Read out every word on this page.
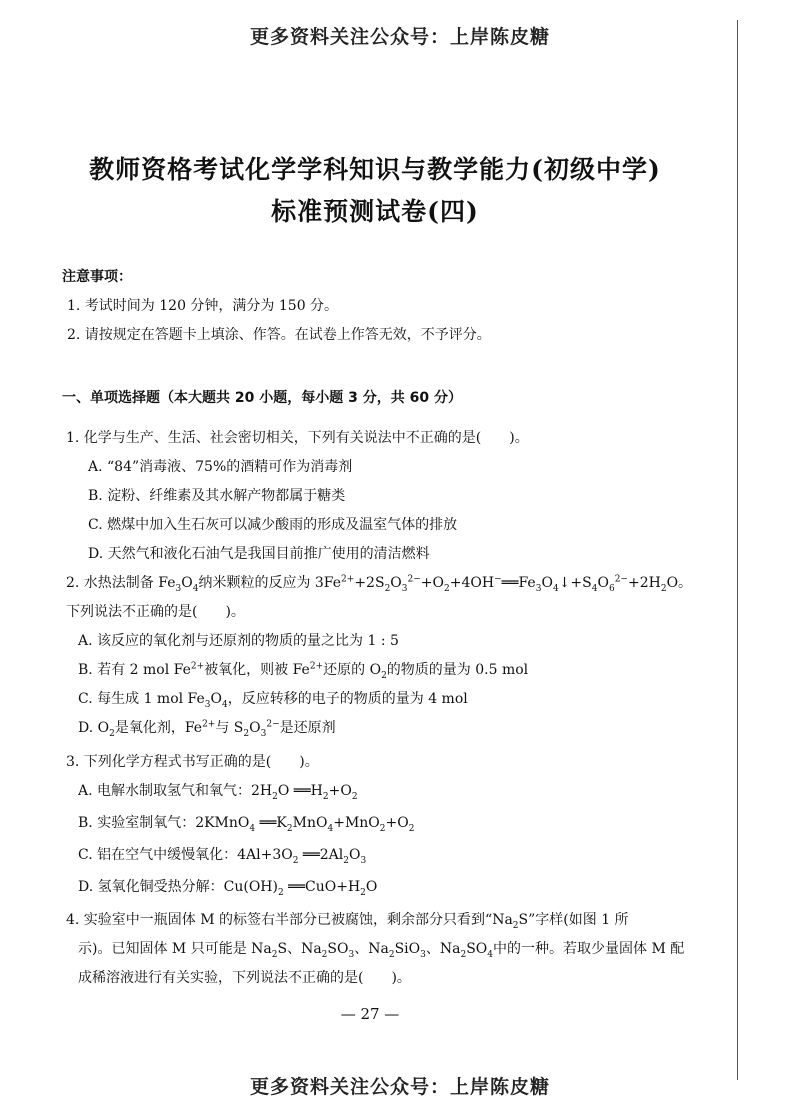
更多资料关注公众号：上岸陈皮糖
教师资格考试化学学科知识与教学能力(初级中学)
标准预测试卷(四)
注意事项：
1. 考试时间为 120 分钟，满分为 150 分。
2. 请按规定在答题卡上填涂、作答。在试卷上作答无效，不予评分。
一、单项选择题（本大题共 20 小题，每小题 3 分，共 60 分）
1. 化学与生产、生活、社会密切相关，下列有关说法中不正确的是(　　)。
A. “84”消毒液、75%的酒精可作为消毒剂
B. 淀粉、纤维素及其水解产物都属于糖类
C. 燃煤中加入生石灰可以减少酸雨的形成及温室气体的排放
D. 天然气和液化石油气是我国目前推广使用的清洁燃料
2. 水热法制备 $Fe_3O_4$纳米颗粒的反应为 $3Fe^{2+}+2S_2O_3^{2-}+O_2+4OH^-══Fe_3O_4↓+S_4O_6^{2-}+2H_2O$。
下列说法不正确的是(　　)。
A. 该反应的氧化剂与还原剂的物质的量之比为 1 : 5
B. 若有 2 mol $Fe^{2+}$被氧化，则被 $Fe^{2+}$还原的 $O_2$的物质的量为 0.5 mol
C. 每生成 1 mol $Fe_3O_4$，反应转移的电子的物质的量为 4 mol
D. $O_2$是氧化剂，$Fe^{2+}$与 $S_2O_3^{2-}$是还原剂
3. 下列化学方程式书写正确的是(　　)。
A. 电解水制取氢气和氧气：$2H_2O$ $══H_2+O_2$
B. 实验室制氧气：2KMnO$_4$ $══K_2MnO_4+MnO_2+O_2$
C. 铝在空气中缓慢氧化：$4Al+3O_2$ $══2Al_2O_3$
D. 氢氧化铜受热分解：$Cu(OH)_2$ $══CuO+H_2O$
4. 实验室中一瓶固体 M 的标签右半部分已被腐蚀，剩余部分只看到“$Na_2S$”字样(如图 1 所
示)。已知固体 M 只可能是 $Na_2S$、$Na_2SO_3$、$Na_2SiO_3$、$Na_2SO_4$中的一种。若取少量固体 M 配
成稀溶液进行有关实验，下列说法不正确的是(　　)。
— 27 —
更多资料关注公众号：上岸陈皮糖
